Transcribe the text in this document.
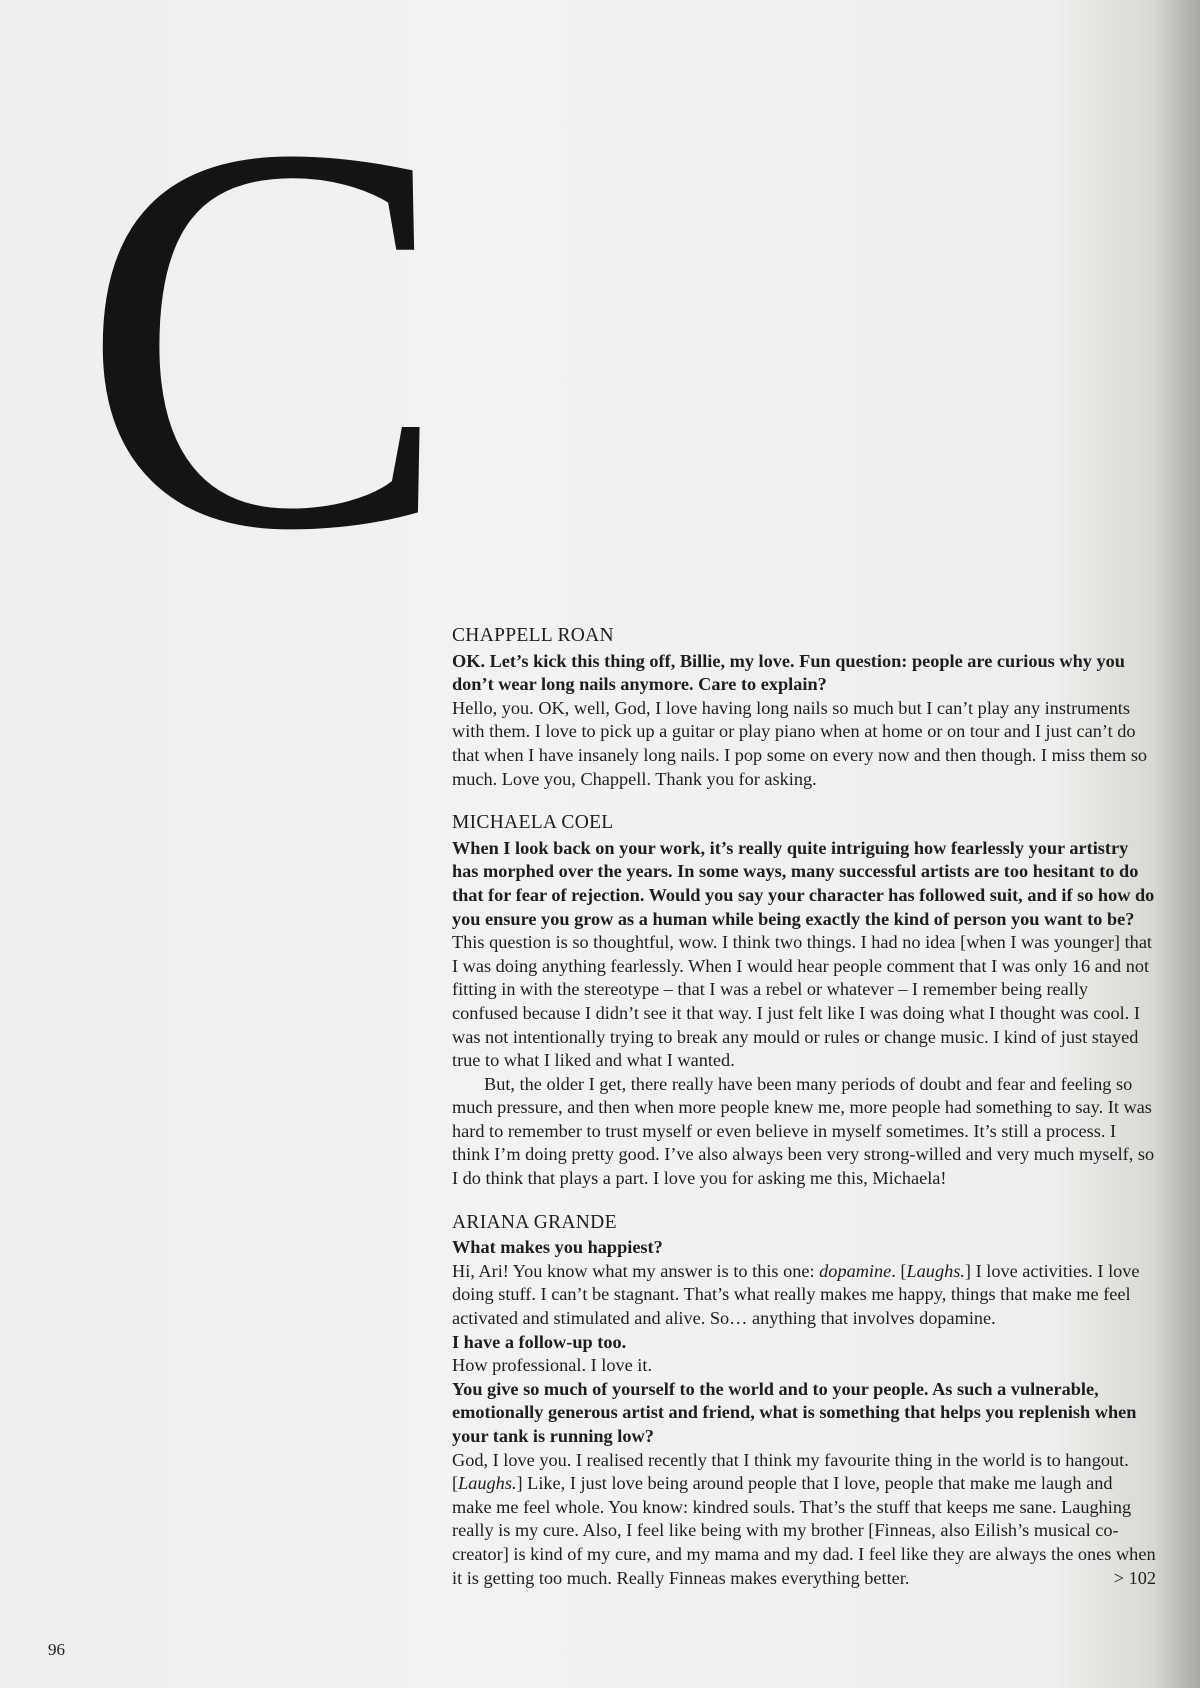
C CHAPPELL ROAN

OK. Let’s kick this thing off, Billie, my love. Fun question: people are curious why you don’t wear long nails anymore. Care to explain?

Hello, you. OK, well, God, I love having long nails so much but I can’t play any instruments with them. I love to pick up a guitar or play piano when at home or on tour and I just can’t do that when I have insanely long nails. I pop some on every now and then though. I miss them so much. Love you, Chappell. Thank you for asking.

MICHAELA COEL

When I look back on your work, it’s really quite intriguing how fearlessly your artistry has morphed over the years. In some ways, many successful artists are too hesitant to do that for fear of rejection. Would you say your character has followed suit, and if so how do you ensure you grow as a human while being exactly the kind of person you want to be?

This question is so thoughtful, wow. I think two things. I had no idea [when I was younger] that I was doing anything fearlessly. When I would hear people comment that I was only 16 and not fitting in with the stereotype – that I was a rebel or whatever – I remember being really confused because I didn’t see it that way. I just felt like I was doing what I thought was cool. I was not intentionally trying to break any mould or rules or change music. I kind of just stayed true to what I liked and what I wanted.

But, the older I get, there really have been many periods of doubt and fear and feeling so much pressure, and then when more people knew me, more people had something to say. It was hard to remember to trust myself or even believe in myself sometimes. It’s still a process. I think I’m doing pretty good. I’ve also always been very strong-willed and very much myself, so I do think that plays a part. I love you for asking me this, Michaela!

ARIANA GRANDE

What makes you happiest?

Hi, Ari! You know what my answer is to this one: dopamine. [Laughs.] I love activities. I love doing stuff. I can’t be stagnant. That’s what really makes me happy, things that make me feel activated and stimulated and alive. So… anything that involves dopamine.

I have a follow-up too.

How professional. I love it.

You give so much of yourself to the world and to your people. As such a vulnerable, emotionally generous artist and friend, what is something that helps you replenish when your tank is running low?

God, I love you. I realised recently that I think my favourite thing in the world is to hangout. [Laughs.] Like, I just love being around people that I love, people that make me laugh and make me feel whole. You know: kindred souls. That’s the stuff that keeps me sane. Laughing really is my cure. Also, I feel like being with my brother [Finneas, also Eilish’s musical co-creator] is kind of my cure, and my mama and my dad. I feel like they are always the ones when it is getting too much. Really Finneas makes everything better.	> 102

96
